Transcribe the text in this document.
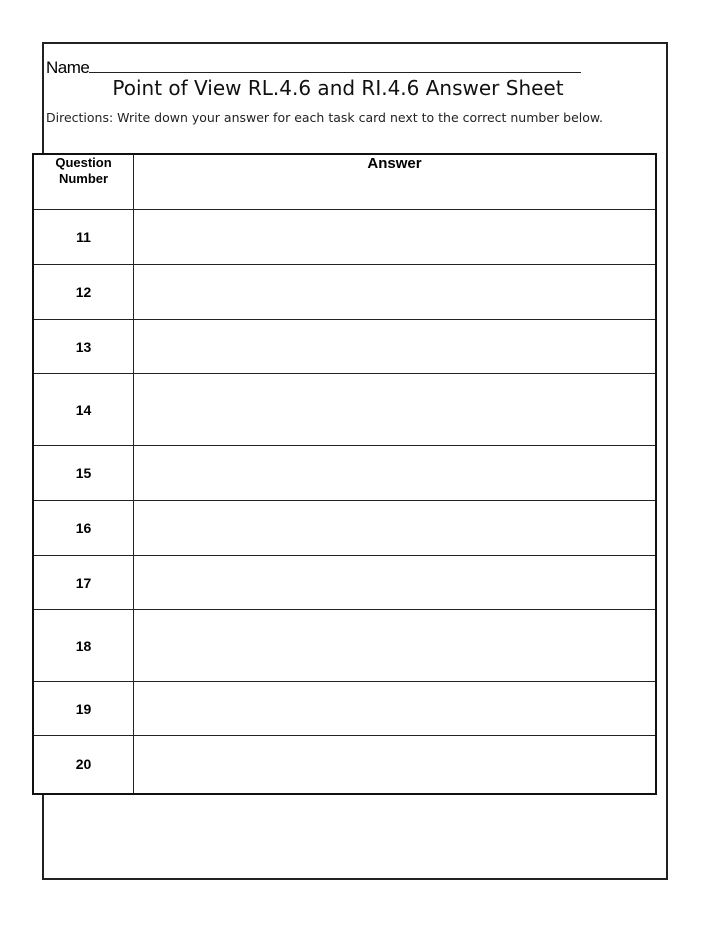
Name
Point of View RL.4.6 and RI.4.6 Answer Sheet
Directions: Write down your answer for each task card next to the correct number below.
Question Number	Answer
11	
12	
13	
14	
15	
16	
17	
18	
19	
20	
